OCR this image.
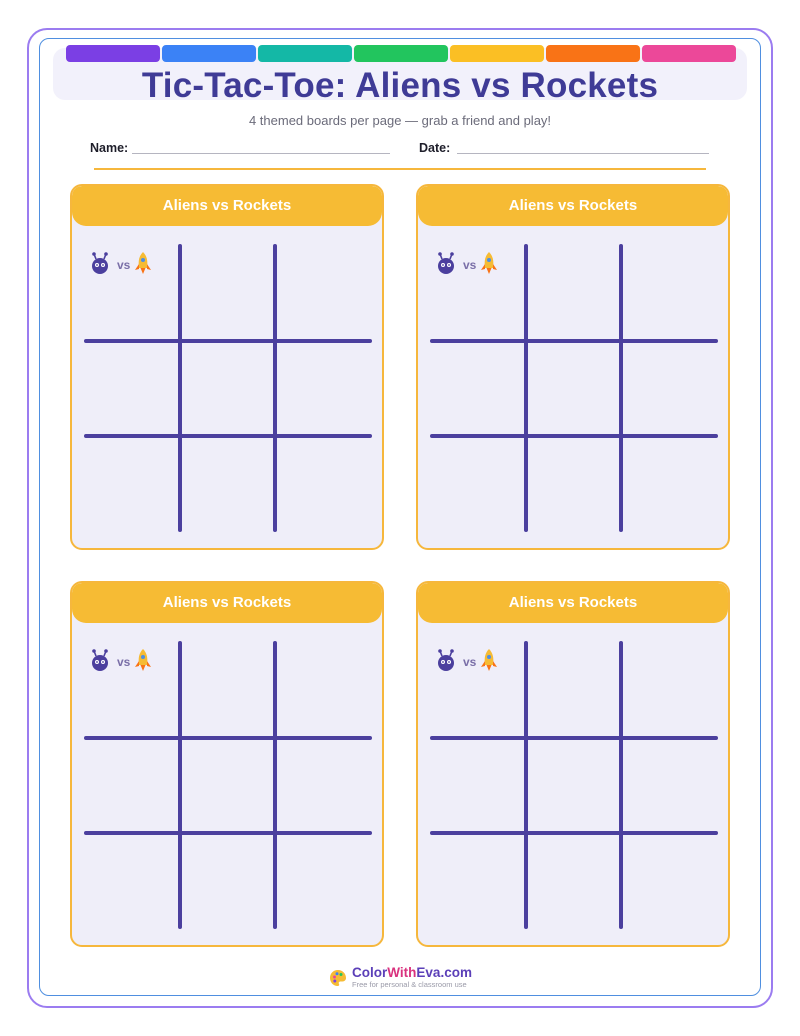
Tic-Tac-Toe: Aliens vs Rockets
4 themed boards per page — grab a friend and play!
Name:	Date:
Aliens vs Rockets
vs
Aliens vs Rockets
vs
Aliens vs Rockets
vs
Aliens vs Rockets
vs
ColorWithEva.com
Free for personal & classroom use
